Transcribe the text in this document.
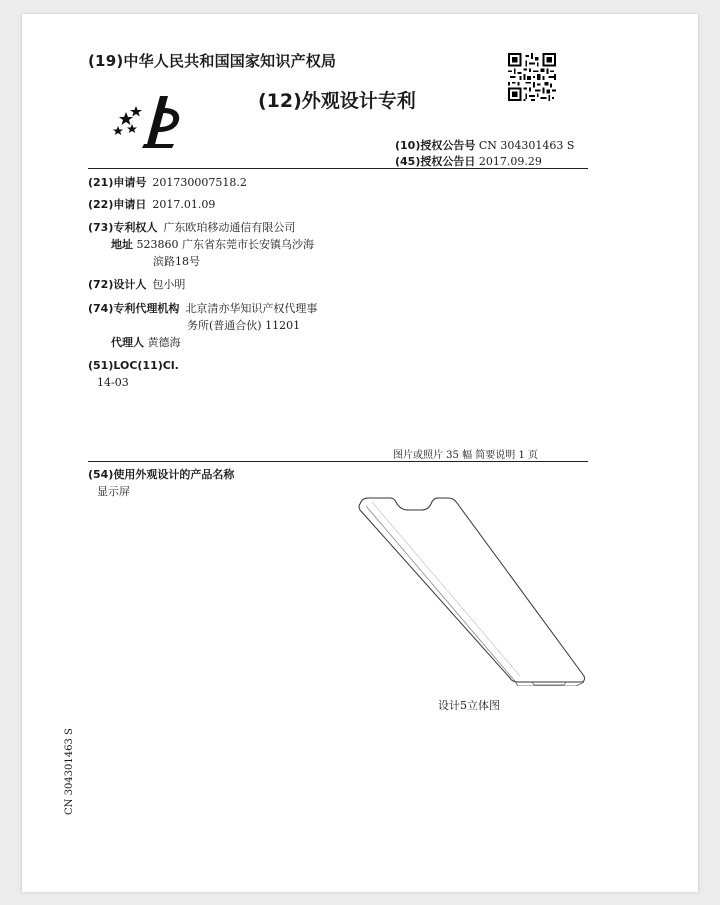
(19)中华人民共和国国家知识产权局
(12)外观设计专利
(10)授权公告号 CN 304301463 S
(45)授权公告日 2017.09.29
(21)申请号 201730007518.2
(22)申请日 2017.01.09
(73)专利权人 广东欧珀移动通信有限公司
地址 523860 广东省东莞市长安镇乌沙海
滨路18号
(72)设计人 包小明
(74)专利代理机构 北京清亦华知识产权代理事
务所(普通合伙) 11201
代理人 黄德海
(51)LOC(11)Cl.
14-03
图片或照片 35 幅 简要说明 1 页
(54)使用外观设计的产品名称
显示屏
设计5立体图
CN 304301463 S
